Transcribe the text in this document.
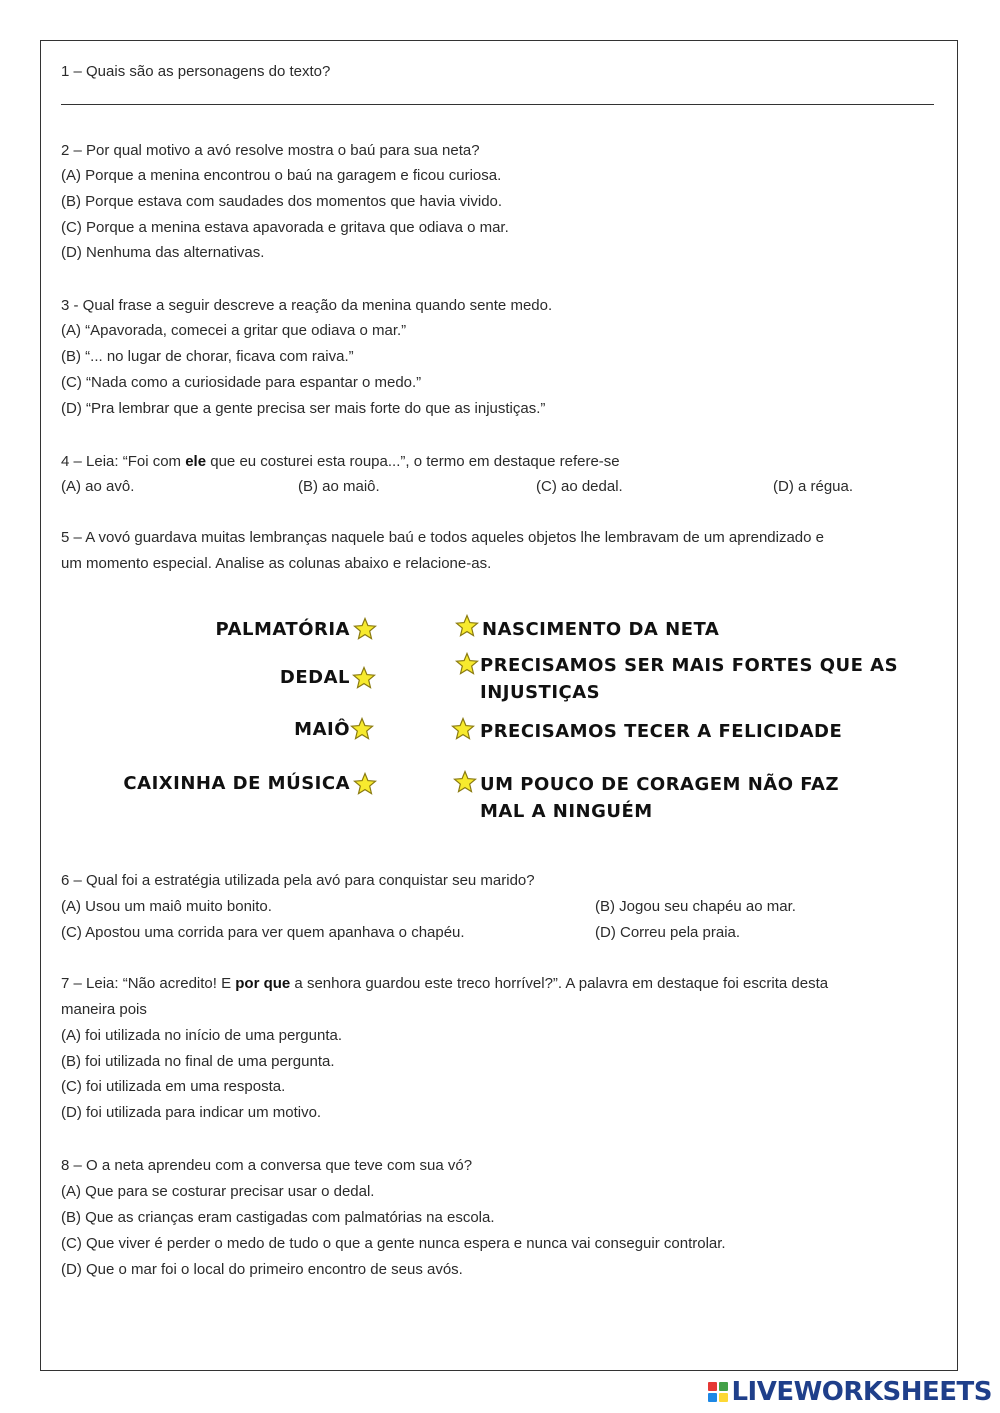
1 – Quais são as personagens do texto?
2 – Por qual motivo a avó resolve mostra o baú para sua neta?
(A) Porque a menina encontrou o baú na garagem e ficou curiosa.
(B) Porque estava com saudades dos momentos que havia vivido.
(C) Porque a menina estava apavorada e gritava que odiava o mar.
(D) Nenhuma das alternativas.
3 - Qual frase a seguir descreve a reação da menina quando sente medo.
(A) “Apavorada, comecei a gritar que odiava o mar.”
(B) “... no lugar de chorar, ficava com raiva.”
(C) “Nada como a curiosidade para espantar o medo.”
(D) “Pra lembrar que a gente precisa ser mais forte do que as injustiças.”
4 – Leia: “Foi com ele que eu costurei esta roupa...”, o termo em destaque refere-se
(A) ao avô.	(B) ao maiô.	(C) ao dedal.	(D) a régua.
5 – A vovó guardava muitas lembranças naquele baú e todos aqueles objetos lhe lembravam de um aprendizado e
um momento especial. Analise as colunas abaixo e relacione-as.
PALMATÓRIA
DEDAL
MAIÔ
CAIXINHA DE MÚSICA
NASCIMENTO DA NETA
PRECISAMOS SER MAIS FORTES QUE AS
INJUSTIÇAS
PRECISAMOS TECER A FELICIDADE
UM POUCO DE CORAGEM NÃO FAZ
MAL A NINGUÉM
6 – Qual foi a estratégia utilizada pela avó para conquistar seu marido?
(A) Usou um maiô muito bonito.	(B) Jogou seu chapéu ao mar.
(C) Apostou uma corrida para ver quem apanhava o chapéu.	(D) Correu pela praia.
7 – Leia: “Não acredito! E por que a senhora guardou este treco horrível?”. A palavra em destaque foi escrita desta
maneira pois
(A) foi utilizada no início de uma pergunta.
(B) foi utilizada no final de uma pergunta.
(C) foi utilizada em uma resposta.
(D) foi utilizada para indicar um motivo.
8 – O a neta aprendeu com a conversa que teve com sua vó?
(A) Que para se costurar precisar usar o dedal.
(B) Que as crianças eram castigadas com palmatórias na escola.
(C) Que viver é perder o medo de tudo o que a gente nunca espera e nunca vai conseguir controlar.
(D) Que o mar foi o local do primeiro encontro de seus avós.
LIVEWORKSHEETS
